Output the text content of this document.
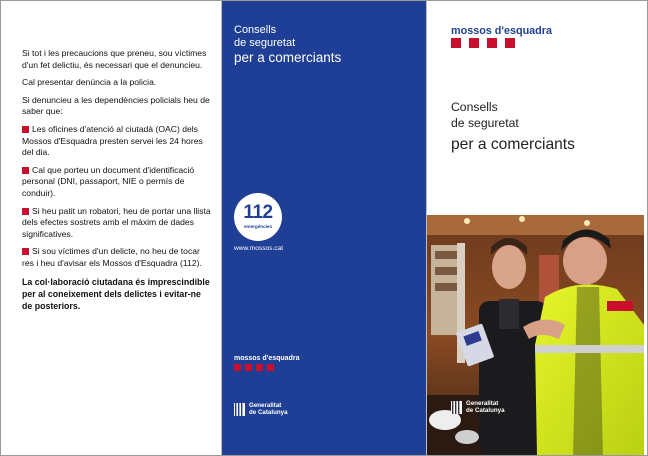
Si tot i les precaucions que preneu, sou víctimes d'un fet delictiu, és necessari que el denuncieu.

Cal presentar denúncia a la policia.

Si denuncieu a les dependències policials heu de saber que:

Les oficines d'atenció al ciutadà (OAC) dels Mossos d'Esquadra presten servei les 24 hores del dia.
Cal que porteu un document d'identificació personal (DNI, passaport, NIE o permís de conduir).
Si heu patit un robatori, heu de portar una llista dels efectes sostrets amb el màxim de dades significatives.
Si sou víctimes d'un delicte, no heu de tocar res i heu d'avisar els Mossos d'Esquadra (112).

La col·laboració ciutadana és imprescindible per al coneixement dels delictes i evitar-ne de posteriors.

Consells
de seguretat
per a comerciants
112
emergències
www.mossos.cat
mossos d'esquadra
Generalitat
de Catalunya
mossos d'esquadra
Consells
de seguretat
per a comerciants
Generalitat
de Catalunya
